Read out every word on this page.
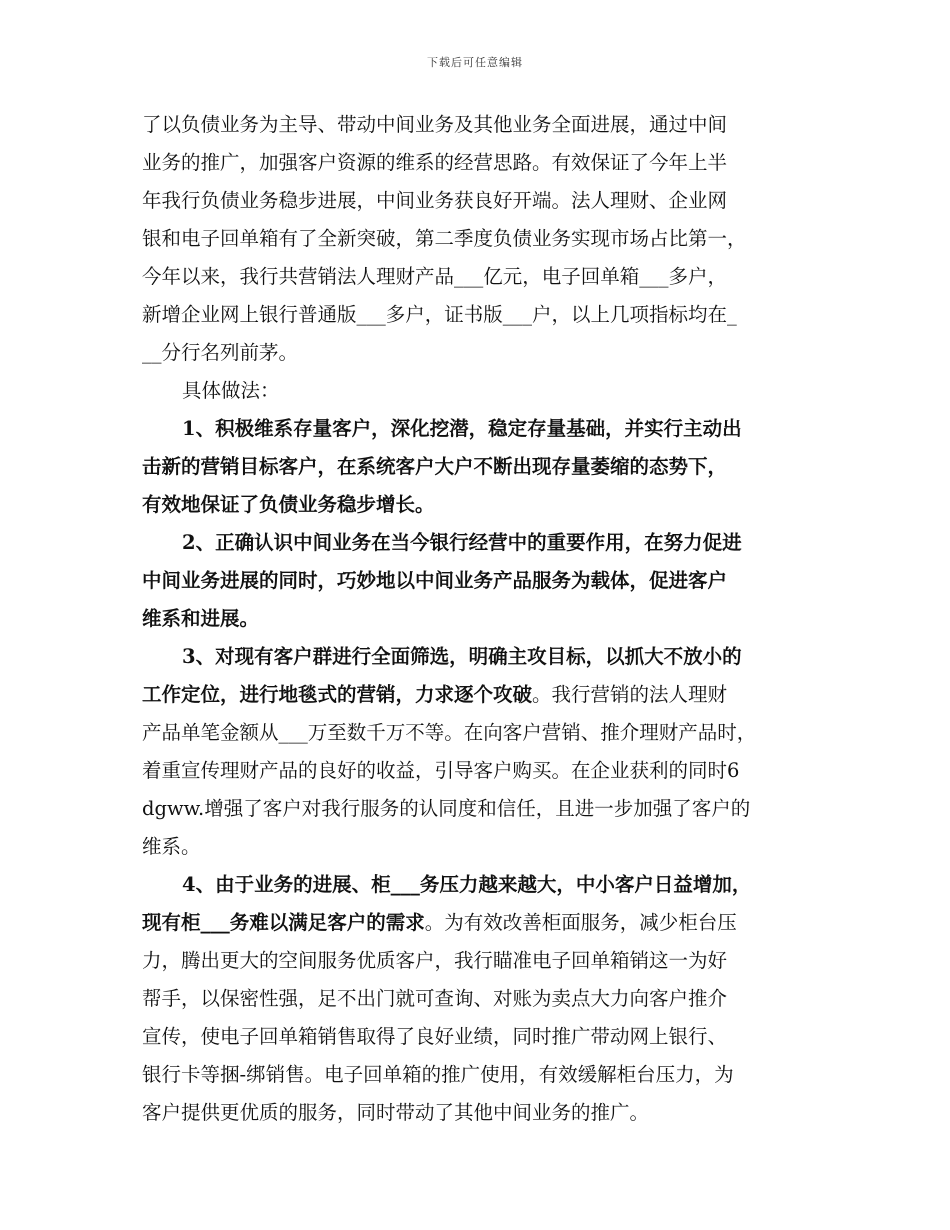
下载后可任意编辑
了以负债业务为主导、带动中间业务及其他业务全面进展，通过中间
业务的推广，加强客户资源的维系的经营思路。有效保证了今年上半
年我行负债业务稳步进展，中间业务获良好开端。法人理财、企业网
银和电子回单箱有了全新突破，第二季度负债业务实现市场占比第一，
今年以来，我行共营销法人理财产品___亿元，电子回单箱___多户，
新增企业网上银行普通版___多户，证书版___户，以上几项指标均在_
__分行名列前茅。
具体做法：
1、积极维系存量客户，深化挖潜，稳定存量基础，并实行主动出
击新的营销目标客户，在系统客户大户不断出现存量萎缩的态势下，
有效地保证了负债业务稳步增长。
2、正确认识中间业务在当今银行经营中的重要作用，在努力促进
中间业务进展的同时，巧妙地以中间业务产品服务为载体，促进客户
维系和进展。
3、对现有客户群进行全面筛选，明确主攻目标，以抓大不放小的
工作定位，进行地毯式的营销，力求逐个攻破。我行营销的法人理财
产品单笔金额从___万至数千万不等。在向客户营销、推介理财产品时，
着重宣传理财产品的良好的收益，引导客户购买。在企业获利的同时6
dgww.增强了客户对我行服务的认同度和信任，且进一步加强了客户的
维系。
4、由于业务的进展、柜___务压力越来越大，中小客户日益增加，
现有柜___务难以满足客户的需求。为有效改善柜面服务，减少柜台压
力，腾出更大的空间服务优质客户，我行瞄准电子回单箱销这一为好
帮手，以保密性强，足不出门就可查询、对账为卖点大力向客户推介
宣传，使电子回单箱销售取得了良好业绩，同时推广带动网上银行、
银行卡等捆-绑销售。电子回单箱的推广使用，有效缓解柜台压力，为
客户提供更优质的服务，同时带动了其他中间业务的推广。
